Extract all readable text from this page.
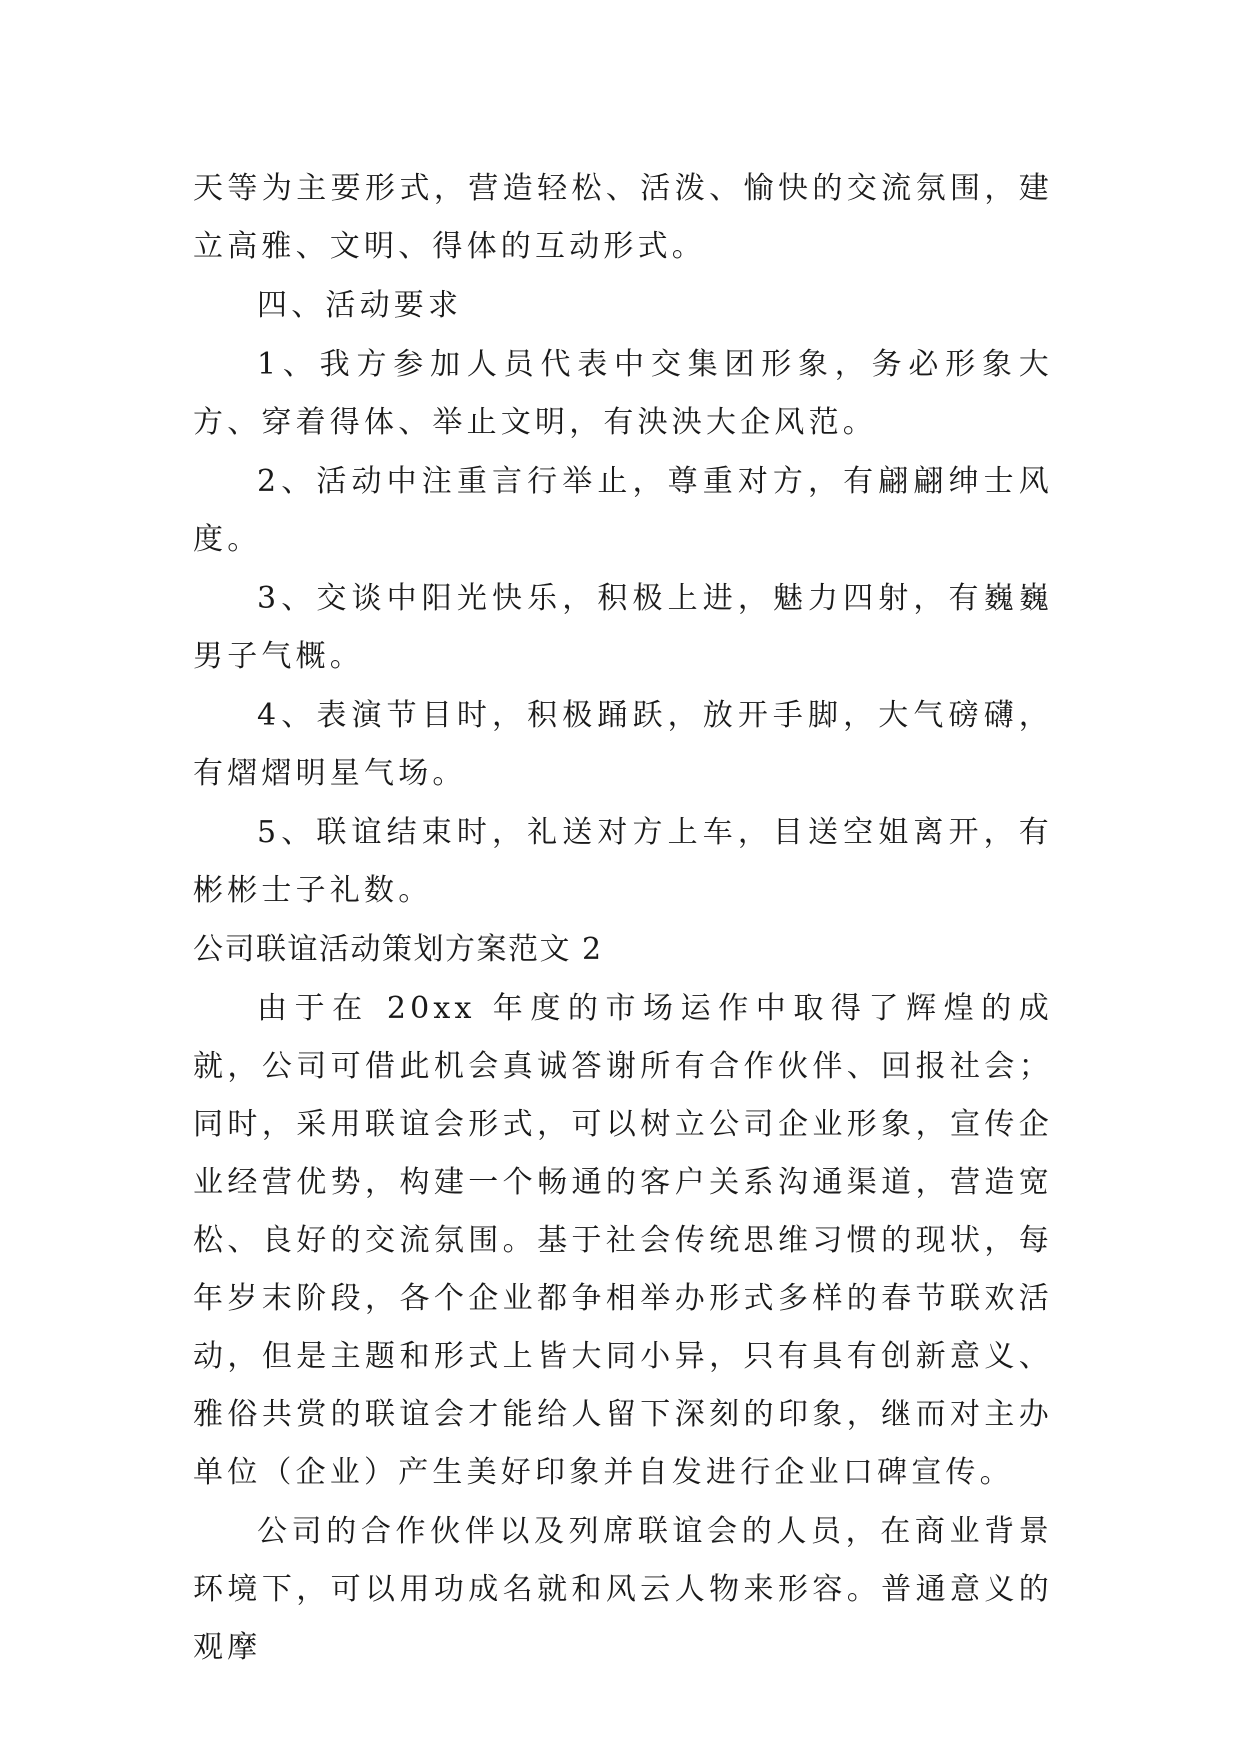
天等为主要形式，营造轻松、活泼、愉快的交流氛围，建立高雅、文明、得体的互动形式。

四、活动要求

1、我方参加人员代表中交集团形象，务必形象大方、穿着得体、举止文明，有泱泱大企风范。

2、活动中注重言行举止，尊重对方，有翩翩绅士风度。

3、交谈中阳光快乐，积极上进，魅力四射，有巍巍男子气概。

4、表演节目时，积极踊跃，放开手脚，大气磅礴，有熠熠明星气场。

5、联谊结束时，礼送对方上车，目送空姐离开，有彬彬士子礼数。

公司联谊活动策划方案范文 2

由于在 20xx 年度的市场运作中取得了辉煌的成就，公司可借此机会真诚答谢所有合作伙伴、回报社会；同时，采用联谊会形式，可以树立公司企业形象，宣传企业经营优势，构建一个畅通的客户关系沟通渠道，营造宽松、良好的交流氛围。基于社会传统思维习惯的现状，每年岁末阶段，各个企业都争相举办形式多样的春节联欢活动，但是主题和形式上皆大同小异，只有具有创新意义、雅俗共赏的联谊会才能给人留下深刻的印象，继而对主办单位（企业）产生美好印象并自发进行企业口碑宣传。

公司的合作伙伴以及列席联谊会的人员，在商业背景环境下，可以用功成名就和风云人物来形容。普通意义的观摩
